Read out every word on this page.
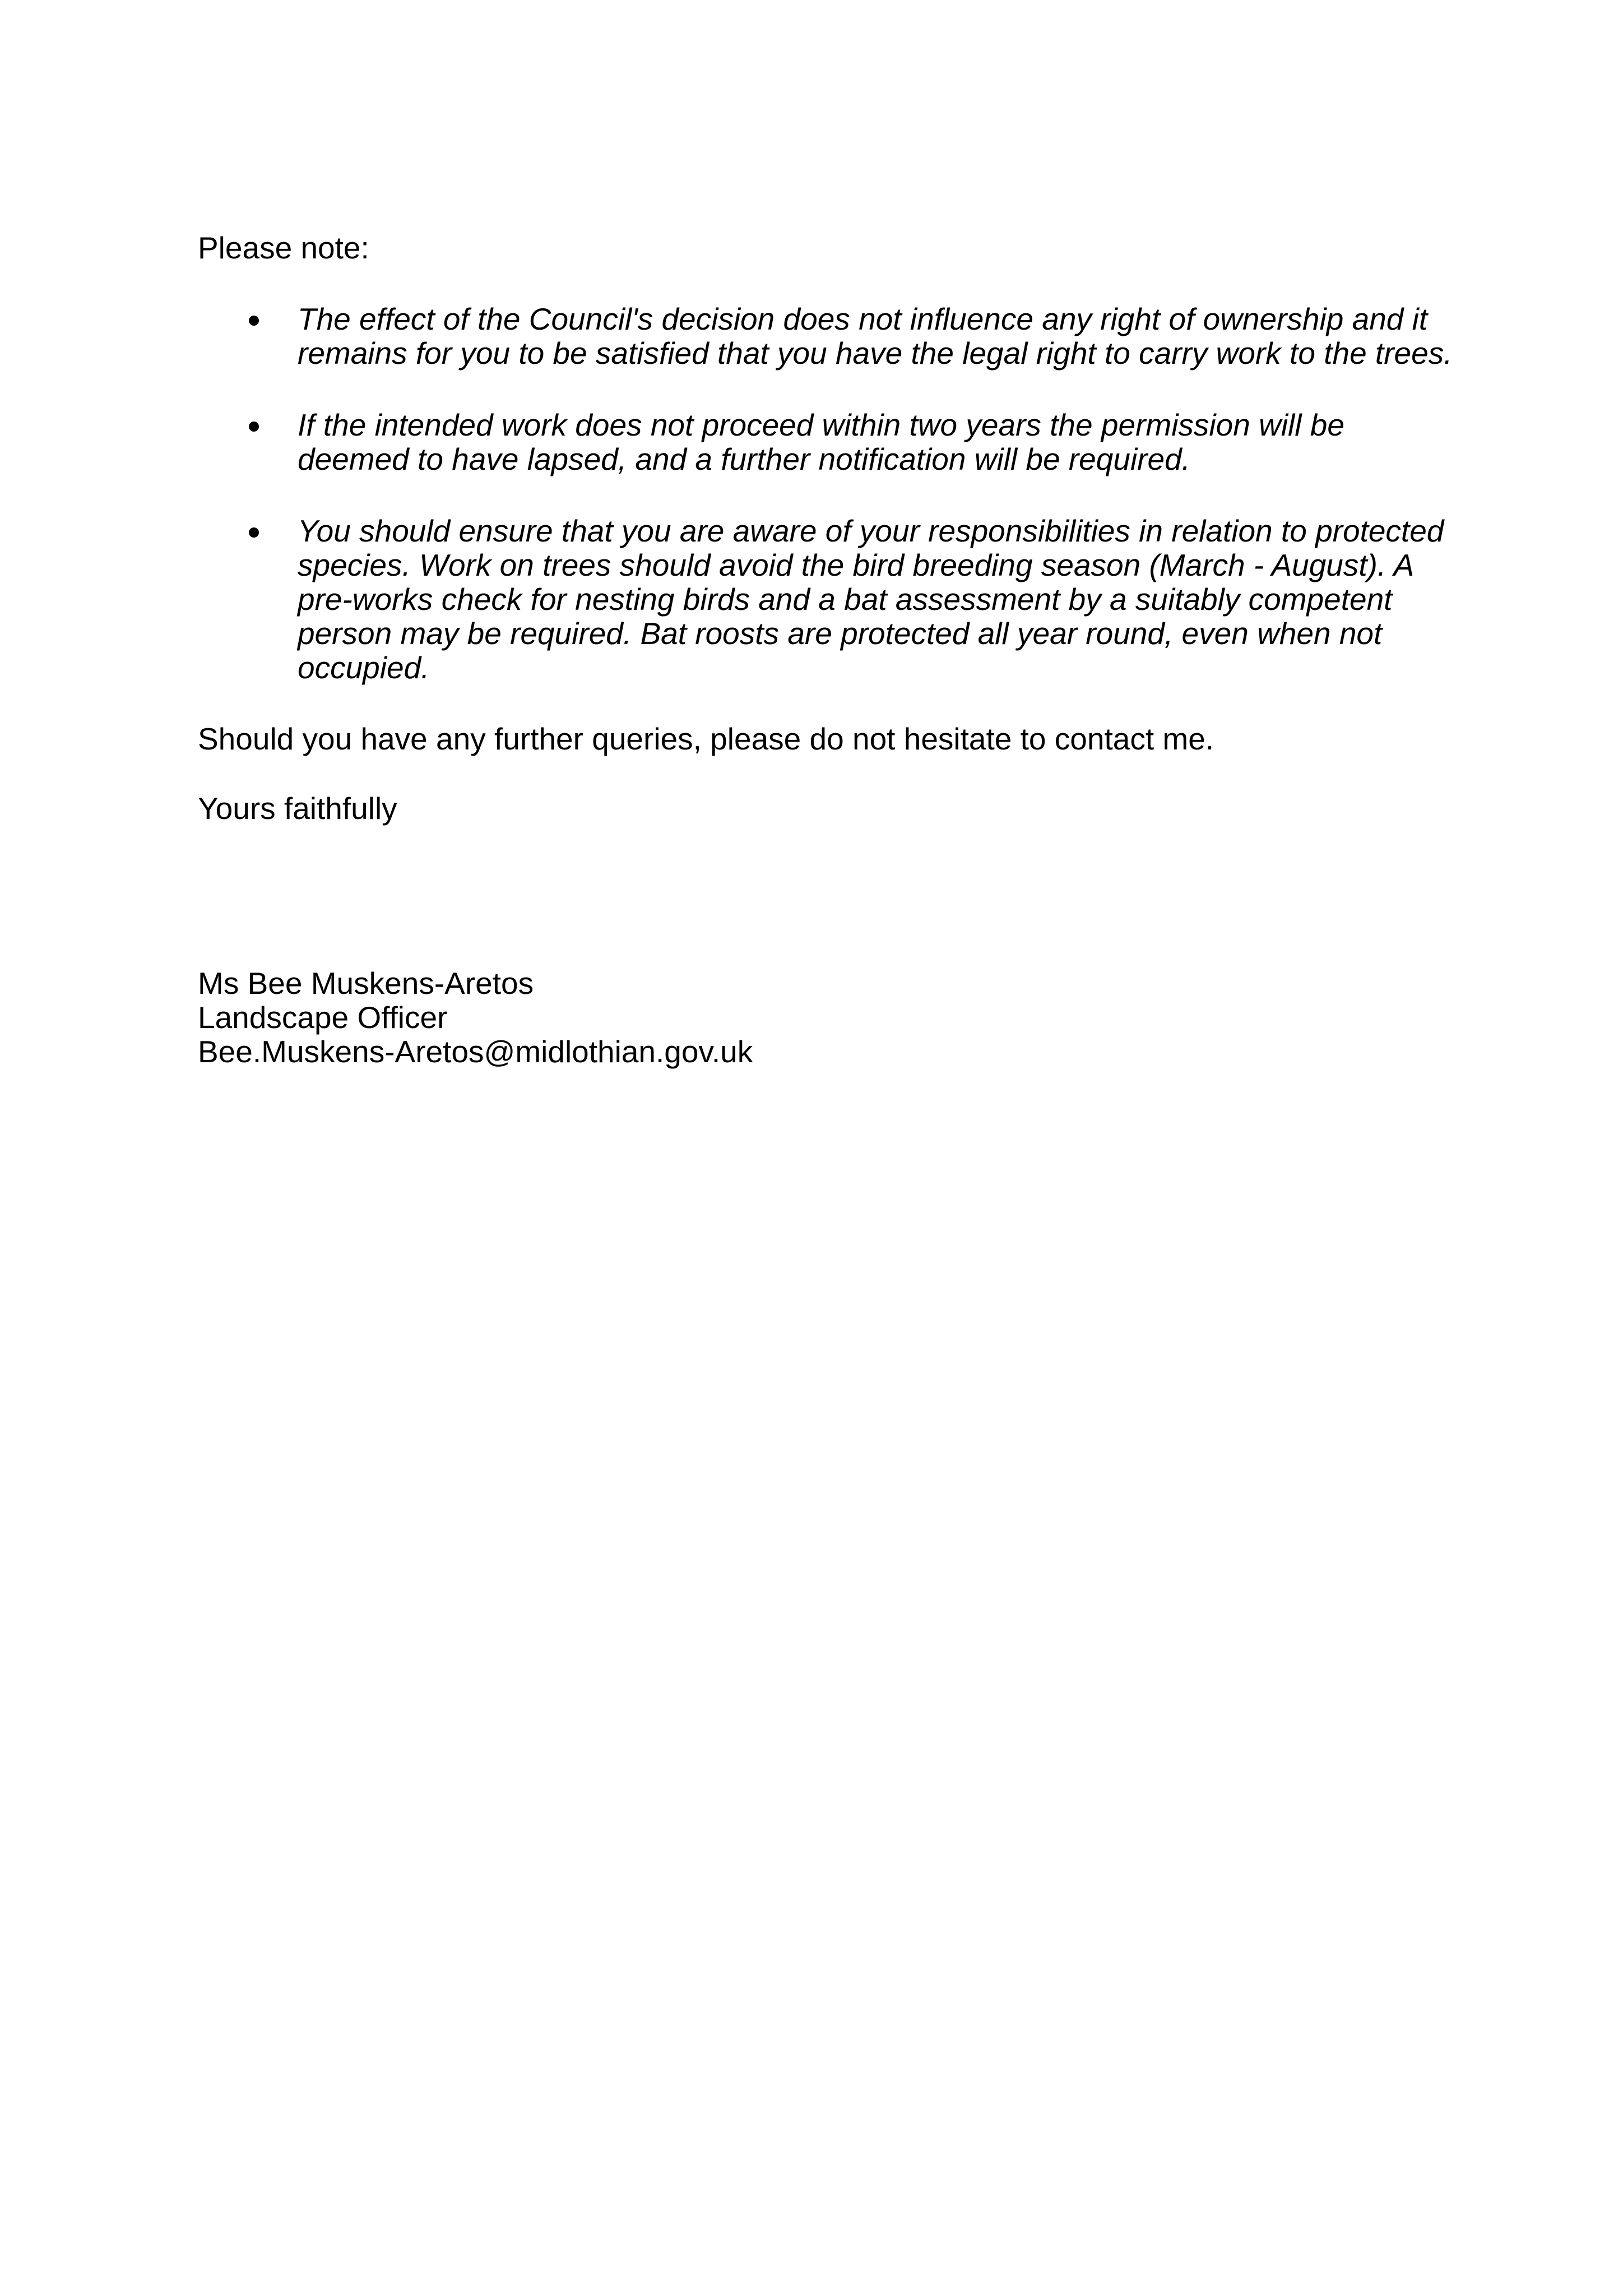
Please note:

The effect of the Council's decision does not influence any right of ownership and it

remains for you to be satisfied that you have the legal right to carry work to the trees.

If the intended work does not proceed within two years the permission will be

deemed to have lapsed, and a further notification will be required.

You should ensure that you are aware of your responsibilities in relation to protected

species. Work on trees should avoid the bird breeding season (March - August). A

pre-works check for nesting birds and a bat assessment by a suitably competent

person may be required. Bat roosts are protected all year round, even when not

occupied.

Should you have any further queries, please do not hesitate to contact me.

Yours faithfully

Ms Bee Muskens-Aretos

Landscape Officer

Bee.Muskens-Aretos@midlothian.gov.uk
